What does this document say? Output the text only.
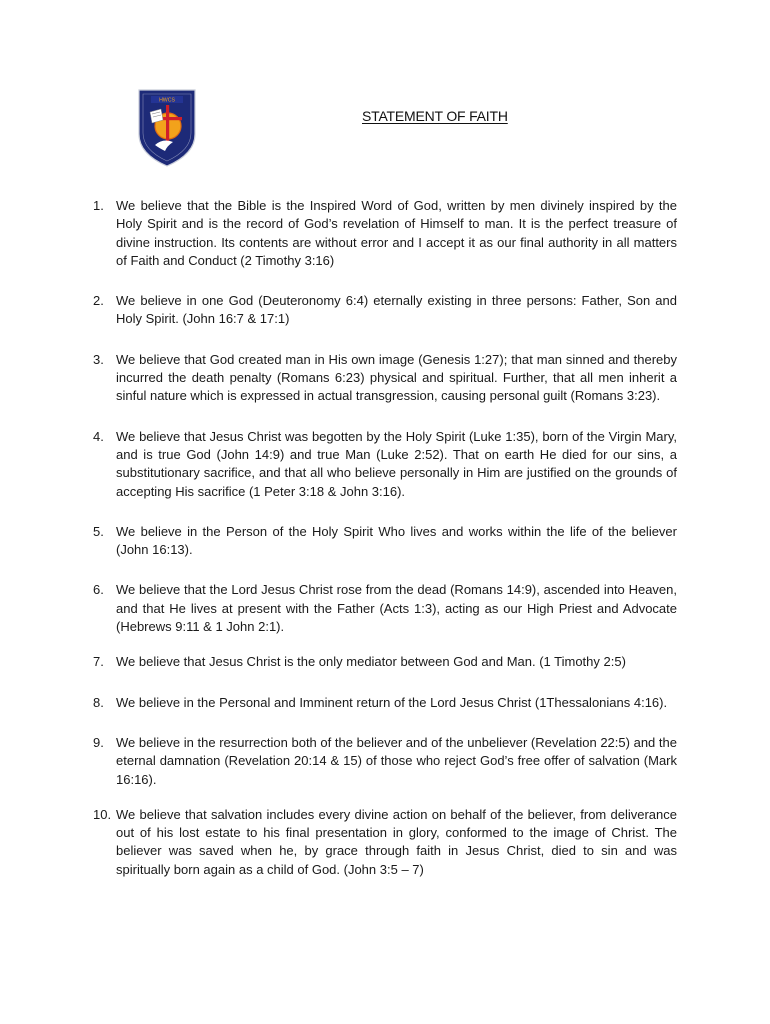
HWCS
STATEMENT OF FAITH
1. We believe that the Bible is the Inspired Word of God, written by men divinely inspired by the Holy Spirit and is the record of God’s revelation of Himself to man. It is the perfect treasure of divine instruction. Its contents are without error and I accept it as our final authority in all matters of Faith and Conduct (2 Timothy 3:16)
2. We believe in one God (Deuteronomy 6:4) eternally existing in three persons: Father, Son and Holy Spirit. (John 16:7 & 17:1)
3. We believe that God created man in His own image (Genesis 1:27); that man sinned and thereby incurred the death penalty (Romans 6:23) physical and spiritual. Further, that all men inherit a sinful nature which is expressed in actual transgression, causing personal guilt (Romans 3:23).
4. We believe that Jesus Christ was begotten by the Holy Spirit (Luke 1:35), born of the Virgin Mary, and is true God (John 14:9) and true Man (Luke 2:52). That on earth He died for our sins, a substitutionary sacrifice, and that all who believe personally in Him are justified on the grounds of accepting His sacrifice (1 Peter 3:18 & John 3:16).
5. We believe in the Person of the Holy Spirit Who lives and works within the life of the believer (John 16:13).
6. We believe that the Lord Jesus Christ rose from the dead (Romans 14:9), ascended into Heaven, and that He lives at present with the Father (Acts 1:3), acting as our High Priest and Advocate (Hebrews 9:11 & 1 John 2:1).
7. We believe that Jesus Christ is the only mediator between God and Man. (1 Timothy 2:5)
8. We believe in the Personal and Imminent return of the Lord Jesus Christ (1Thessalonians 4:16).
9. We believe in the resurrection both of the believer and of the unbeliever (Revelation 22:5) and the eternal damnation (Revelation 20:14 & 15) of those who reject God’s free offer of salvation (Mark 16:16).
10. We believe that salvation includes every divine action on behalf of the believer, from deliverance out of his lost estate to his final presentation in glory, conformed to the image of Christ. The believer was saved when he, by grace through faith in Jesus Christ, died to sin and was spiritually born again as a child of God. (John 3:5 – 7)
